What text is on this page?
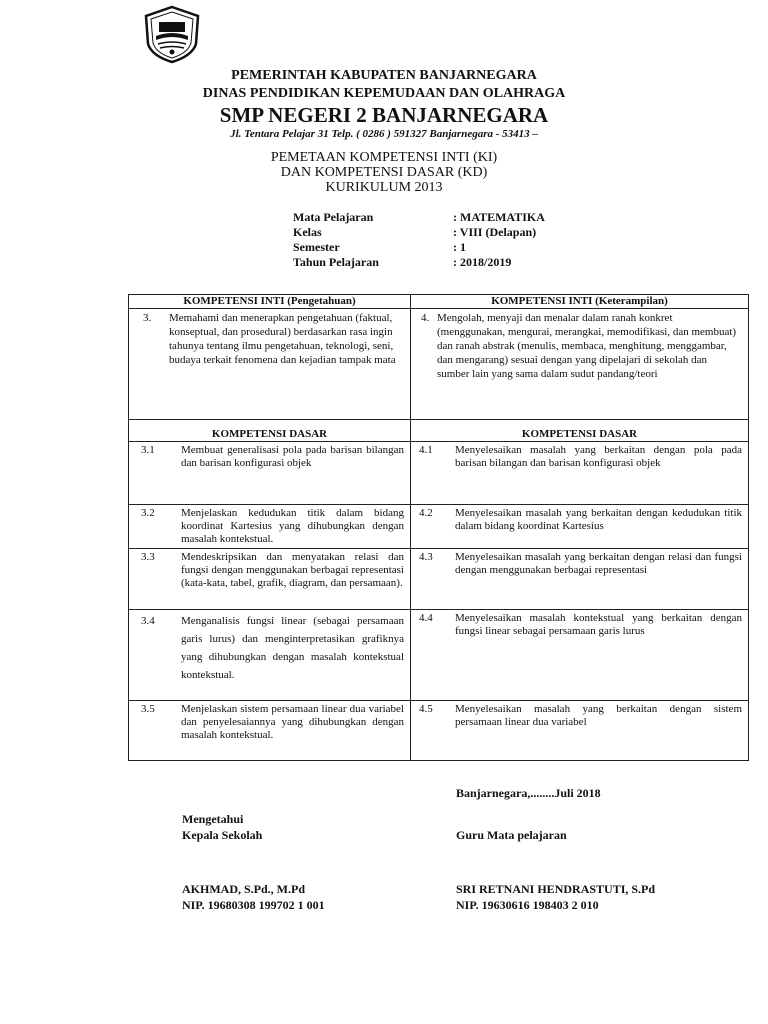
PEMERINTAH KABUPATEN BANJARNEGARA
DINAS PENDIDIKAN KEPEMUDAAN DAN OLAHRAGA
SMP NEGERI 2 BANJARNEGARA
Jl. Tentara Pelajar 31 Telp. ( 0286 ) 591327 Banjarnegara - 53413 –
PEMETAAN KOMPETENSI INTI (KI)
DAN KOMPETENSI DASAR (KD)
KURIKULUM 2013
Mata Pelajaran	: MATEMATIKA
Kelas	: VIII (Delapan)
Semester	: 1
Tahun Pelajaran	: 2018/2019
KOMPETENSI INTI (Pengetahuan)	KOMPETENSI INTI (Keterampilan)

3. Memahami dan menerapkan pengetahuan (faktual, konseptual, dan prosedural) berdasarkan rasa ingin tahunya tentang ilmu pengetahuan, teknologi, seni, budaya terkait fenomena dan kejadian tampak mata	4. Mengolah, menyaji dan menalar dalam ranah konkret (menggunakan, mengurai, merangkai, memodifikasi, dan membuat) dan ranah abstrak (menulis, membaca, menghitung, menggambar, dan mengarang) sesuai dengan yang dipelajari di sekolah dan sumber lain yang sama dalam sudut pandang/teori

KOMPETENSI DASAR	KOMPETENSI DASAR

3.1 Membuat generalisasi pola pada barisan bilangan dan barisan konfigurasi objek	4.1 Menyelesaikan masalah yang berkaitan dengan pola pada barisan bilangan dan barisan konfigurasi objek

3.2 Menjelaskan kedudukan titik dalam bidang koordinat Kartesius yang dihubungkan dengan masalah kontekstual.	4.2 Menyelesaikan masalah yang berkaitan dengan kedudukan titik dalam bidang koordinat Kartesius

3.3 Mendeskripsikan dan menyatakan relasi dan fungsi dengan menggunakan berbagai representasi (kata-kata, tabel, grafik, diagram, dan persamaan).	4.3 Menyelesaikan masalah yang berkaitan dengan relasi dan fungsi dengan menggunakan berbagai representasi

3.4 Menganalisis fungsi linear (sebagai persamaan garis lurus) dan menginterpretasikan grafiknya yang dihubungkan dengan masalah kontekstual kontekstual.	4.4 Menyelesaikan masalah kontekstual yang berkaitan dengan fungsi linear sebagai persamaan garis lurus

3.5 Menjelaskan sistem persamaan linear dua variabel dan penyelesaiannya yang dihubungkan dengan masalah kontekstual.	4.5 Menyelesaikan masalah yang berkaitan dengan sistem persamaan linear dua variabel
Banjarnegara,........Juli 2018
Mengetahui
Kepala Sekolah	Guru Mata pelajaran
AKHMAD, S.Pd., M.Pd
NIP. 19680308 199702 1 001
SRI RETNANI HENDRASTUTI, S.Pd
NIP. 19630616 198403 2 010
